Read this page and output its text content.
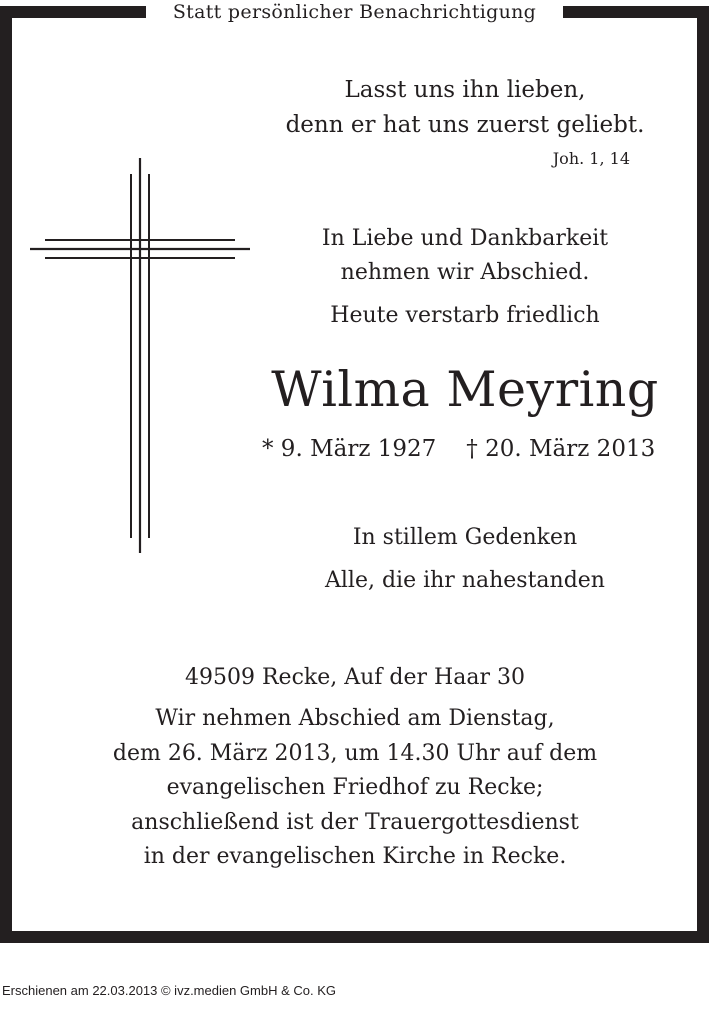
Statt persönlicher Benachrichtigung
Lasst uns ihn lieben,
denn er hat uns zuerst geliebt.
Joh. 1, 14
In Liebe und Dankbarkeit
nehmen wir Abschied.
Heute verstarb friedlich
Wilma Meyring
* 9. März 1927 † 20. März 2013
In stillem Gedenken
Alle, die ihr nahestanden
49509 Recke, Auf der Haar 30
Wir nehmen Abschied am Dienstag,
dem 26. März 2013, um 14.30 Uhr auf dem
evangelischen Friedhof zu Recke;
anschließend ist der Trauergottesdienst
in der evangelischen Kirche in Recke.
Erschienen am 22.03.2013 © ivz.medien GmbH & Co. KG
